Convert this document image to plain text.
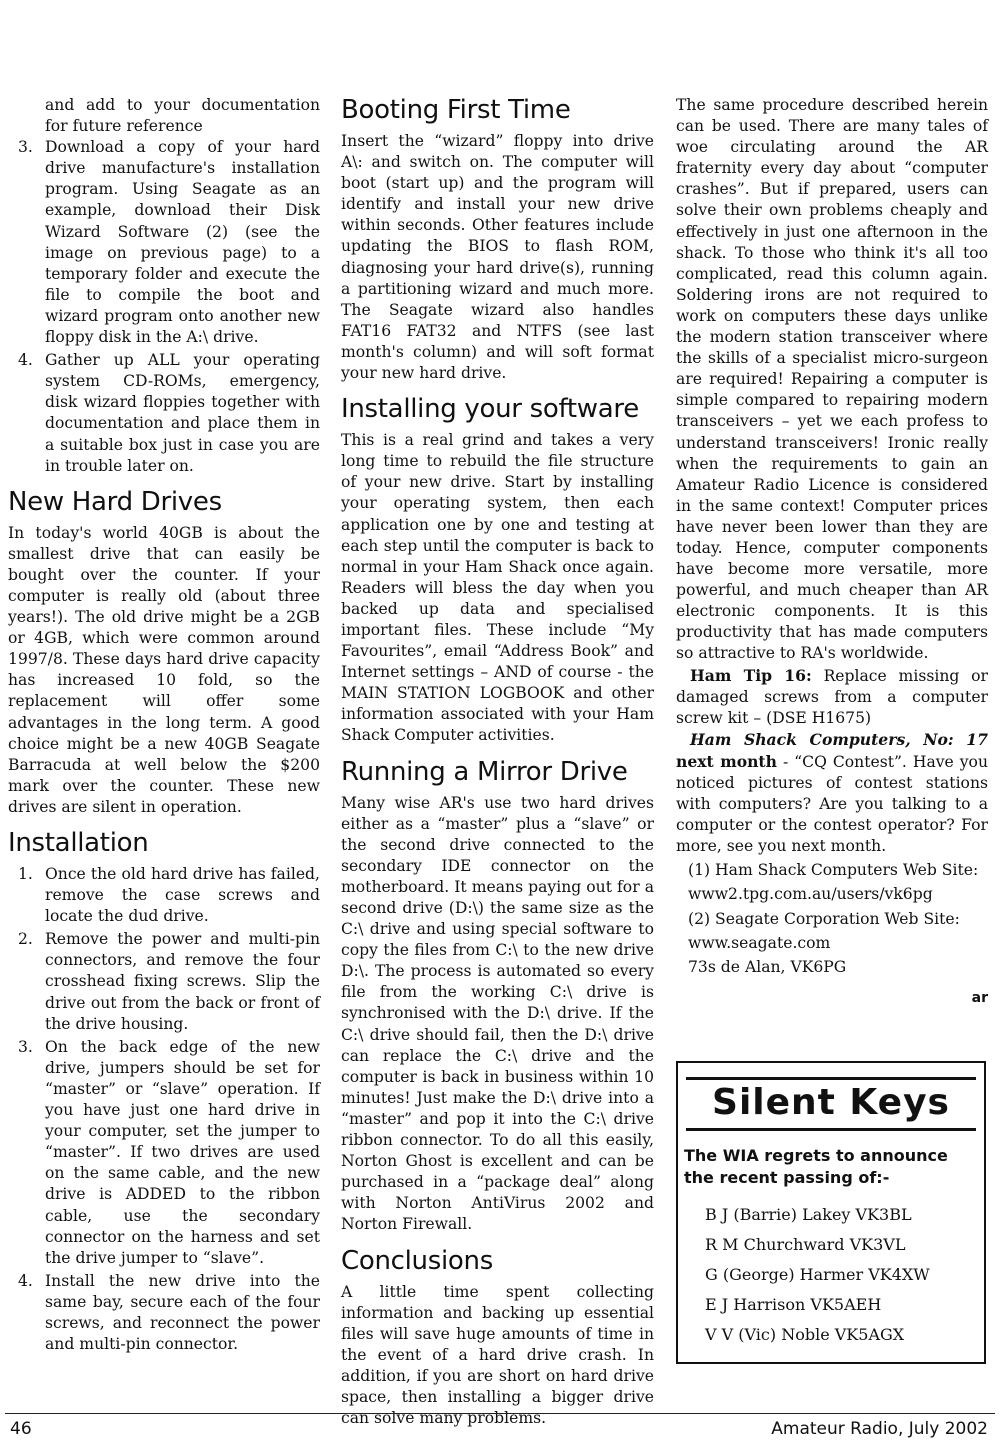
and add to your documentation for future reference

3. Download a copy of your hard drive manufacture's installation program. Using Seagate as an example, download their Disk Wizard Software (2) (see the image on previous page) to a temporary folder and execute the file to compile the boot and wizard program onto another new floppy disk in the A:\ drive.
4. Gather up ALL your operating system CD-ROMs, emergency, disk wizard floppies together with documentation and place them in a suitable box just in case you are in trouble later on.
New Hard Drives

In today's world 40GB is about the smallest drive that can easily be bought over the counter. If your computer is really old (about three years!). The old drive might be a 2GB or 4GB, which were common around 1997/8. These days hard drive capacity has increased 10 fold, so the replacement will offer some advantages in the long term. A good choice might be a new 40GB Seagate Barracuda at well below the $200 mark over the counter. These new drives are silent in operation.

Installation
1. Once the old hard drive has failed, remove the case screws and locate the dud drive.
2. Remove the power and multi-pin connectors, and remove the four crosshead fixing screws. Slip the drive out from the back or front of the drive housing.
3. On the back edge of the new drive, jumpers should be set for “master” or “slave” operation. If you have just one hard drive in your computer, set the jumper to “master”. If two drives are used on the same cable, and the new drive is ADDED to the ribbon cable, use the secondary connector on the harness and set the drive jumper to “slave”.
4. Install the new drive into the same bay, secure each of the four screws, and reconnect the power and multi-pin connector.
Booting First Time

Insert the “wizard” floppy into drive A\: and switch on. The computer will boot (start up) and the program will identify and install your new drive within seconds. Other features include updating the BIOS to flash ROM, diagnosing your hard drive(s), running a partitioning wizard and much more. The Seagate wizard also handles FAT16 FAT32 and NTFS (see last month's column) and will soft format your new hard drive.

Installing your software

This is a real grind and takes a very long time to rebuild the file structure of your new drive. Start by installing your operating system, then each application one by one and testing at each step until the computer is back to normal in your Ham Shack once again. Readers will bless the day when you backed up data and specialised important files. These include “My Favourites”, email “Address Book” and Internet settings – AND of course - the MAIN STATION LOGBOOK and other information associated with your Ham Shack Computer activities.

Running a Mirror Drive

Many wise AR's use two hard drives either as a “master” plus a “slave” or the second drive connected to the secondary IDE connector on the motherboard. It means paying out for a second drive (D:\) the same size as the C:\ drive and using special software to copy the files from C:\ to the new drive D:\. The process is automated so every file from the working C:\ drive is synchronised with the D:\ drive. If the C:\ drive should fail, then the D:\ drive can replace the C:\ drive and the computer is back in business within 10 minutes! Just make the D:\ drive into a “master” and pop it into the C:\ drive ribbon connector. To do all this easily, Norton Ghost is excellent and can be purchased in a “package deal” along with Norton AntiVirus 2002 and Norton Firewall.

Conclusions

A little time spent collecting information and backing up essential files will save huge amounts of time in the event of a hard drive crash. In addition, if you are short on hard drive space, then installing a bigger drive can solve many problems.

The same procedure described herein can be used. There are many tales of woe circulating around the AR fraternity every day about “computer crashes”. But if prepared, users can solve their own problems cheaply and effectively in just one afternoon in the shack. To those who think it's all too complicated, read this column again. Soldering irons are not required to work on computers these days unlike the modern station transceiver where the skills of a specialist micro-surgeon are required! Repairing a computer is simple compared to repairing modern transceivers – yet we each profess to understand transceivers! Ironic really when the requirements to gain an Amateur Radio Licence is considered in the same context! Computer prices have never been lower than they are today. Hence, computer components have become more versatile, more powerful, and much cheaper than AR electronic components. It is this productivity that has made computers so attractive to RA's worldwide.

Ham Tip 16: Replace missing or damaged screws from a computer screw kit – (DSE H1675)

Ham Shack Computers, No: 17 next month - “CQ Contest”. Have you noticed pictures of contest stations with computers? Are you talking to a computer or the contest operator? For more, see you next month.

(1) Ham Shack Computers Web Site:

www2.tpg.com.au/users/vk6pg

(2) Seagate Corporation Web Site:

www.seagate.com

73s de Alan, VK6PG

ar
Silent Keys
The WIA regrets to announce the recent passing of:-
B J (Barrie) Lakey VK3BL
R M Churchward VK3VL
G (George) Harmer VK4XW
E J Harrison VK5AEH
V V (Vic) Noble VK5AGX
46	Amateur Radio, July 2002
